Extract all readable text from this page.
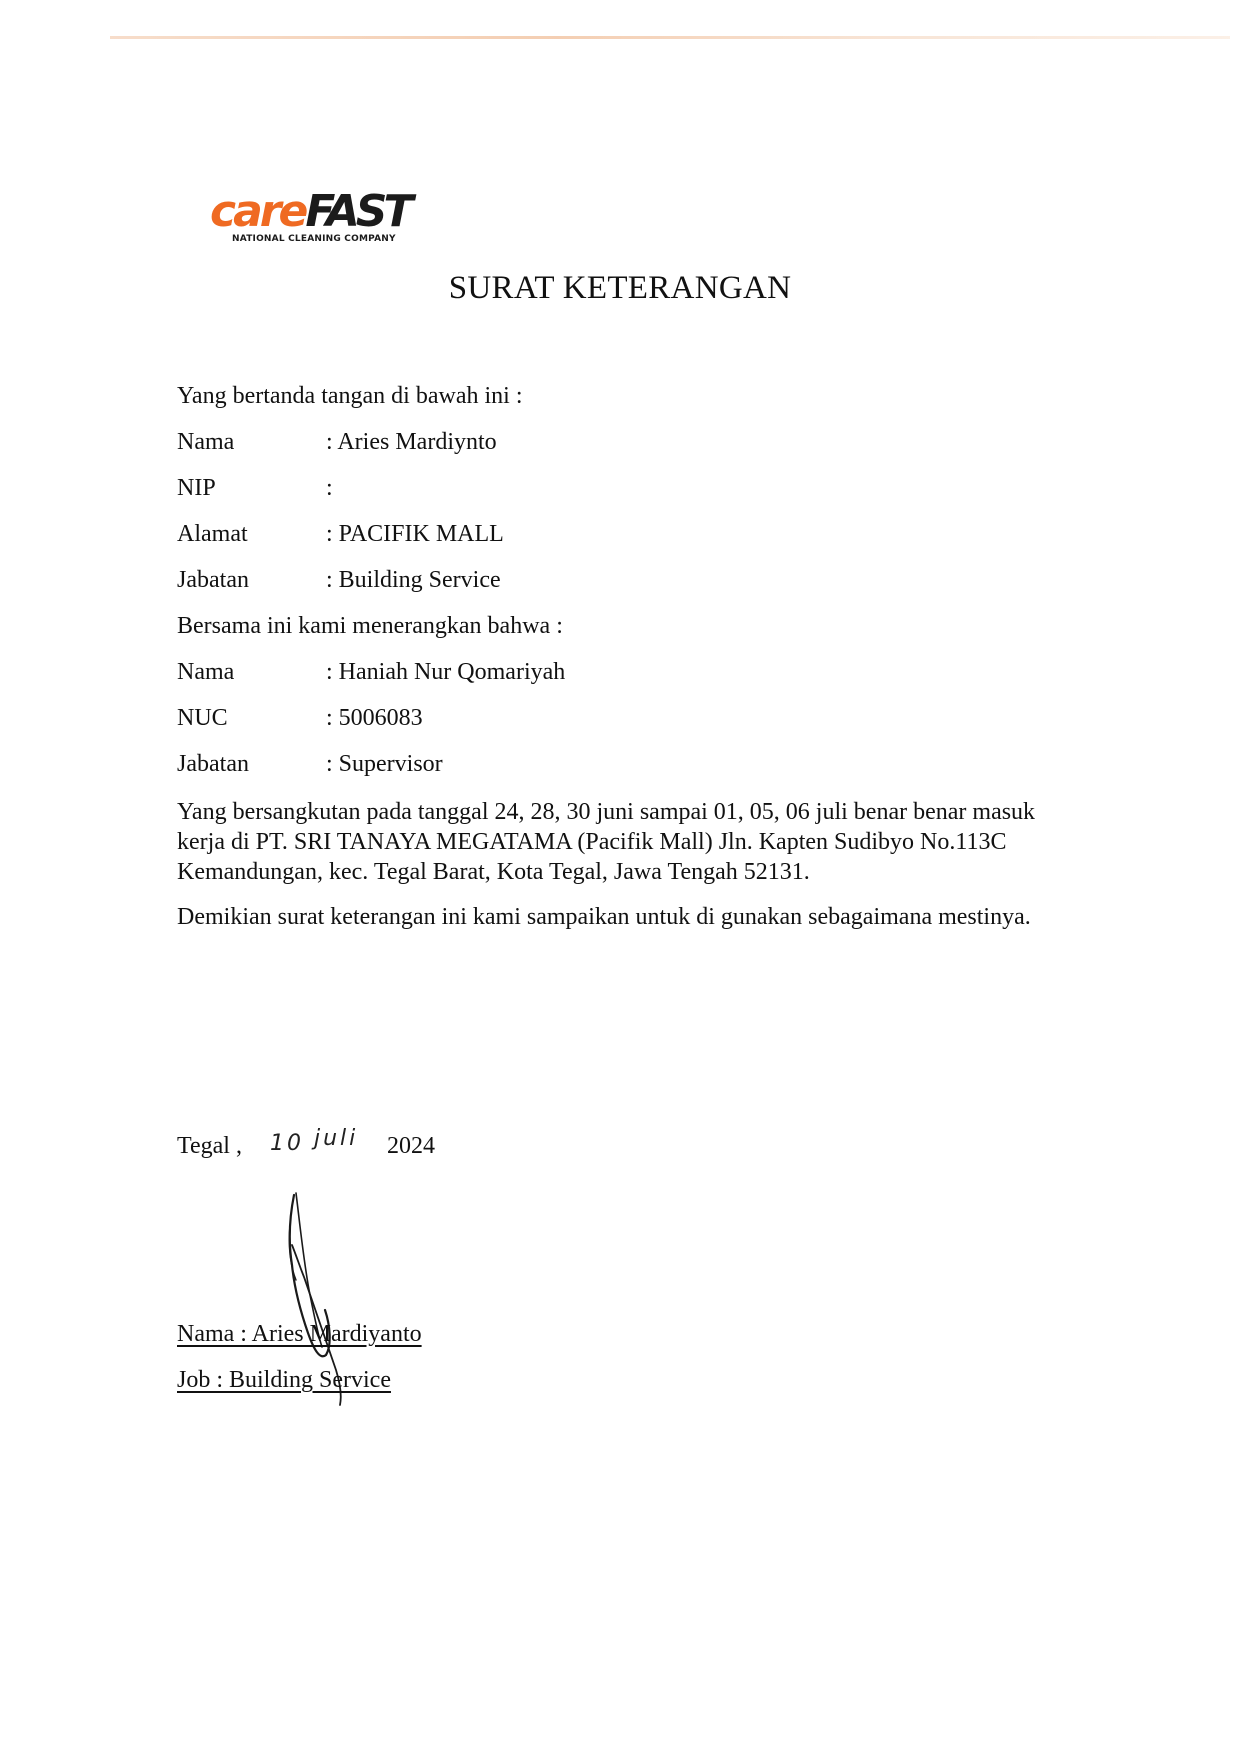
careFAST
NATIONAL CLEANING COMPANY
SURAT KETERANGAN
Yang bertanda tangan di bawah ini :
Nama	: Aries Mardiynto
NIP	:
Alamat	: PACIFIK MALL
Jabatan	: Building Service
Bersama ini kami menerangkan bahwa :
Nama	: Haniah Nur Qomariyah
NUC	: 5006083
Jabatan	: Supervisor
Yang bersangkutan pada tanggal 24, 28, 30 juni sampai 01, 05, 06 juli benar benar masuk
kerja di PT. SRI TANAYA MEGATAMA (Pacifik Mall) Jln. Kapten Sudibyo No.113C
Kemandungan, kec. Tegal Barat, Kota Tegal, Jawa Tengah 52131.
Demikian surat keterangan ini kami sampaikan untuk di gunakan sebagaimana mestinya.
Tegal , 10 juli 2024
Nama : Aries Mardiyanto
Job : Building Service
